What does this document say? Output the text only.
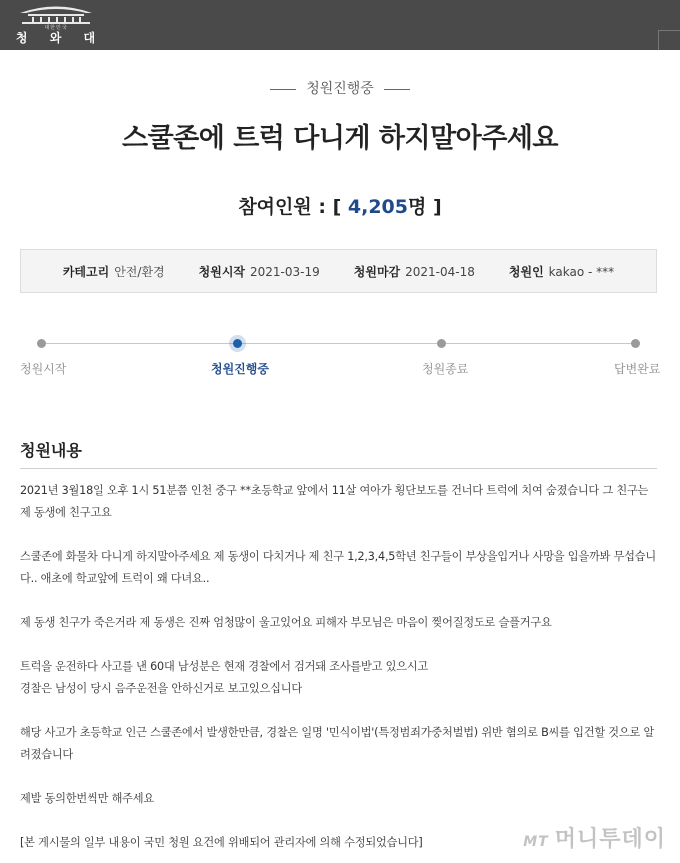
대한민국
청 와 대
청원진행중
스쿨존에 트럭 다니게 하지말아주세요
참여인원 : [ 4,205명 ]
카테고리 안전/환경	청원시작 2021-03-19	청원마감 2021-04-18	청원인 kakao - ***
청원시작	청원진행중	청원종료	답변완료
청원내용

2021년 3월18일 오후 1시 51분쯤 인천 중구 **초등학교 앞에서 11살 여아가 횡단보도를 건너다 트럭에 치여 숨졌습니다 그 친구는 제 동생에 친구고요

스쿨존에 화물차 다니게 하지말아주세요 제 동생이 다치거나 제 친구 1,2,3,4,5학년 친구들이 부상을입거나 사망을 입을까봐 무섭습니다.. 애초에 학교앞에 트럭이 왜 다녀요..

제 동생 친구가 죽은거라 제 동생은 진짜 엄청많이 울고있어요 피해자 부모님은 마음이 찢어질정도로 슬플거구요

트럭을 운전하다 사고를 낸 60대 남성분은 현재 경찰에서 검거돼 조사를받고 있으시고
경찰은 남성이 당시 음주운전을 안하신거로 보고있으십니다

해당 사고가 초등학교 인근 스쿨존에서 발생한만큼, 경찰은 일명 '민식이법'(특정범죄가중처벌법) 위반 혐의로 B씨를 입건할 것으로 알려졌습니다

제발 동의한번씩만 해주세요

[본 게시물의 일부 내용이 국민 청원 요건에 위배되어 관리자에 의해 수정되었습니다]	MT 머니투데이
